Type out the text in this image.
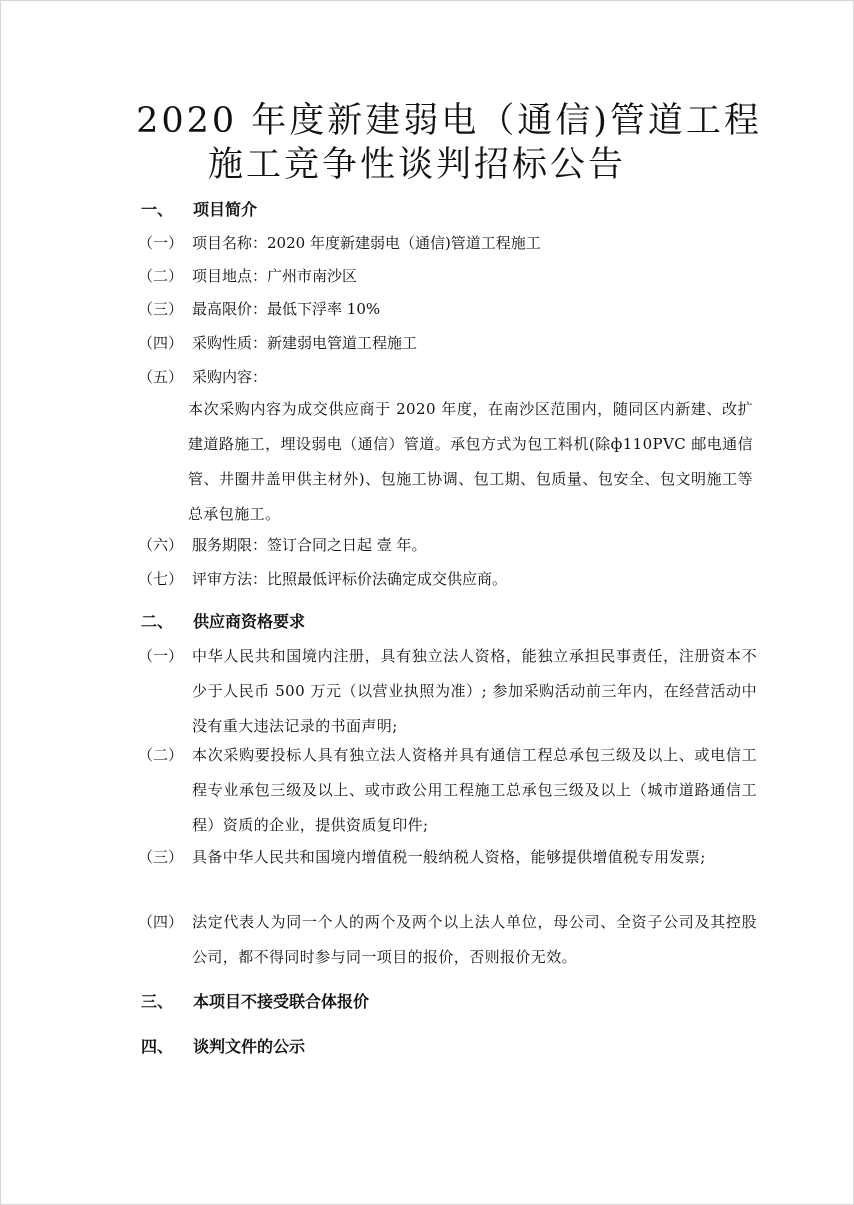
2020 年度新建弱电（通信)管道工程
施工竞争性谈判招标公告
一、 项目简介
（一） 项目名称：2020 年度新建弱电（通信)管道工程施工
（二） 项目地点：广州市南沙区
（三） 最高限价：最低下浮率 10%
（四） 采购性质：新建弱电管道工程施工
（五） 采购内容：
本次采购内容为成交供应商于 2020 年度，在南沙区范围内，随同区内新建、改扩建道路施工，埋设弱电（通信）管道。承包方式为包工料机(除ф110PVC 邮电通信管、井圈井盖甲供主材外)、包施工协调、包工期、包质量、包安全、包文明施工等总承包施工。
（六） 服务期限：签订合同之日起 壹 年。
（七） 评审方法：比照最低评标价法确定成交供应商。
二、 供应商资格要求
（一） 中华人民共和国境内注册，具有独立法人资格，能独立承担民事责任，注册资本不少于人民币 500 万元（以营业执照为准）; 参加采购活动前三年内，在经营活动中没有重大违法记录的书面声明;
（二） 本次采购要投标人具有独立法人资格并具有通信工程总承包三级及以上、或电信工程专业承包三级及以上、或市政公用工程施工总承包三级及以上（城市道路通信工程）资质的企业，提供资质复印件;
（三） 具备中华人民共和国境内增值税一般纳税人资格，能够提供增值税专用发票;
（四） 法定代表人为同一个人的两个及两个以上法人单位，母公司、全资子公司及其控股公司，都不得同时参与同一项目的报价，否则报价无效。
三、 本项目不接受联合体报价
四、 谈判文件的公示
